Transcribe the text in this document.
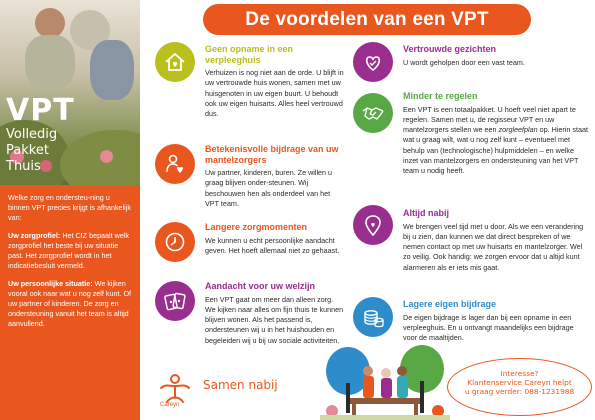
VPT
Volledig
Pakket
Thuis

Welke zorg en ondersteu-ning u binnen VPT precies krijgt is afhankelijk van:

Uw zorgprofiel: Het CIZ bepaalt welk zorgprofiel het beste bij uw situatie past. Het zorgprofiel wordt in het indicatiebesluit vermeld.

Uw persoonlijke situatie: We kijken vooral ook naar wat u nog zelf kunt. Of uw partner of kinderen. De zorg en ondersteuning vanuit het team is altijd aanvullend.

De voordelen van een VPT
Geen opname in een verpleeghuis
Verhuizen is nog niet aan de orde. U blijft in uw vertrouwde huis wonen, samen met uw huisgenoten in uw eigen buurt. U behoudt ook uw eigen huisarts. Alles heel vertrouwd dus.
Betekenisvolle bijdrage van uw mantelzorgers
Uw partner, kinderen, buren. Ze willen u graag blijven onder-steunen. Wij beschouwen hen als onderdeel van het VPT team.
Langere zorgmomenten
We kunnen u echt persoonlijke aandacht geven. Het hoeft allemaal niet zo gehaast.
Aandacht voor uw welzijn
Een VPT gaat om meer dan alleen zorg. We kijken naar alles om fijn thuis te kunnen blijven wonen. Als het passend is, ondersteunen wij u in het huishouden en begeleiden wij u bij uw sociale activiteiten.
Vertrouwde gezichten
U wordt geholpen door een vast team.
Minder te regelen
Een VPT is een totaalpakket. U hoeft veel niet apart te regelen. Samen met u, de regisseur VPT en uw mantelzorgers stellen we een zorgleefplan op. Hierin staat wat u graag wilt, wat u nog zelf kunt – eventueel met behulp van (technologische) hulpmiddelen – en welke inzet van mantelzorgers en ondersteuning van het VPT team u nodig heeft.
Altijd nabij
We brengen veel tijd met u door. Als we een verandering bij u zien, dan kunnen we dat direct bespreken of we nemen contact op met uw huisarts en mantelzorger. Wel zo veilig. Ook handig: we zorgen ervoor dat u altijd kunt alarmeren als er iets mis gaat.
Lagere eigen bijdrage
De eigen bijdrage is lager dan bij een opname in een verpleeghuis. En u ontvangt maandelijks een bijdrage voor de maaltijden.
Samen nabij
Careyn
Interesse?
Klantenservice Careyn helpt
u graag verder: 088-1231988
